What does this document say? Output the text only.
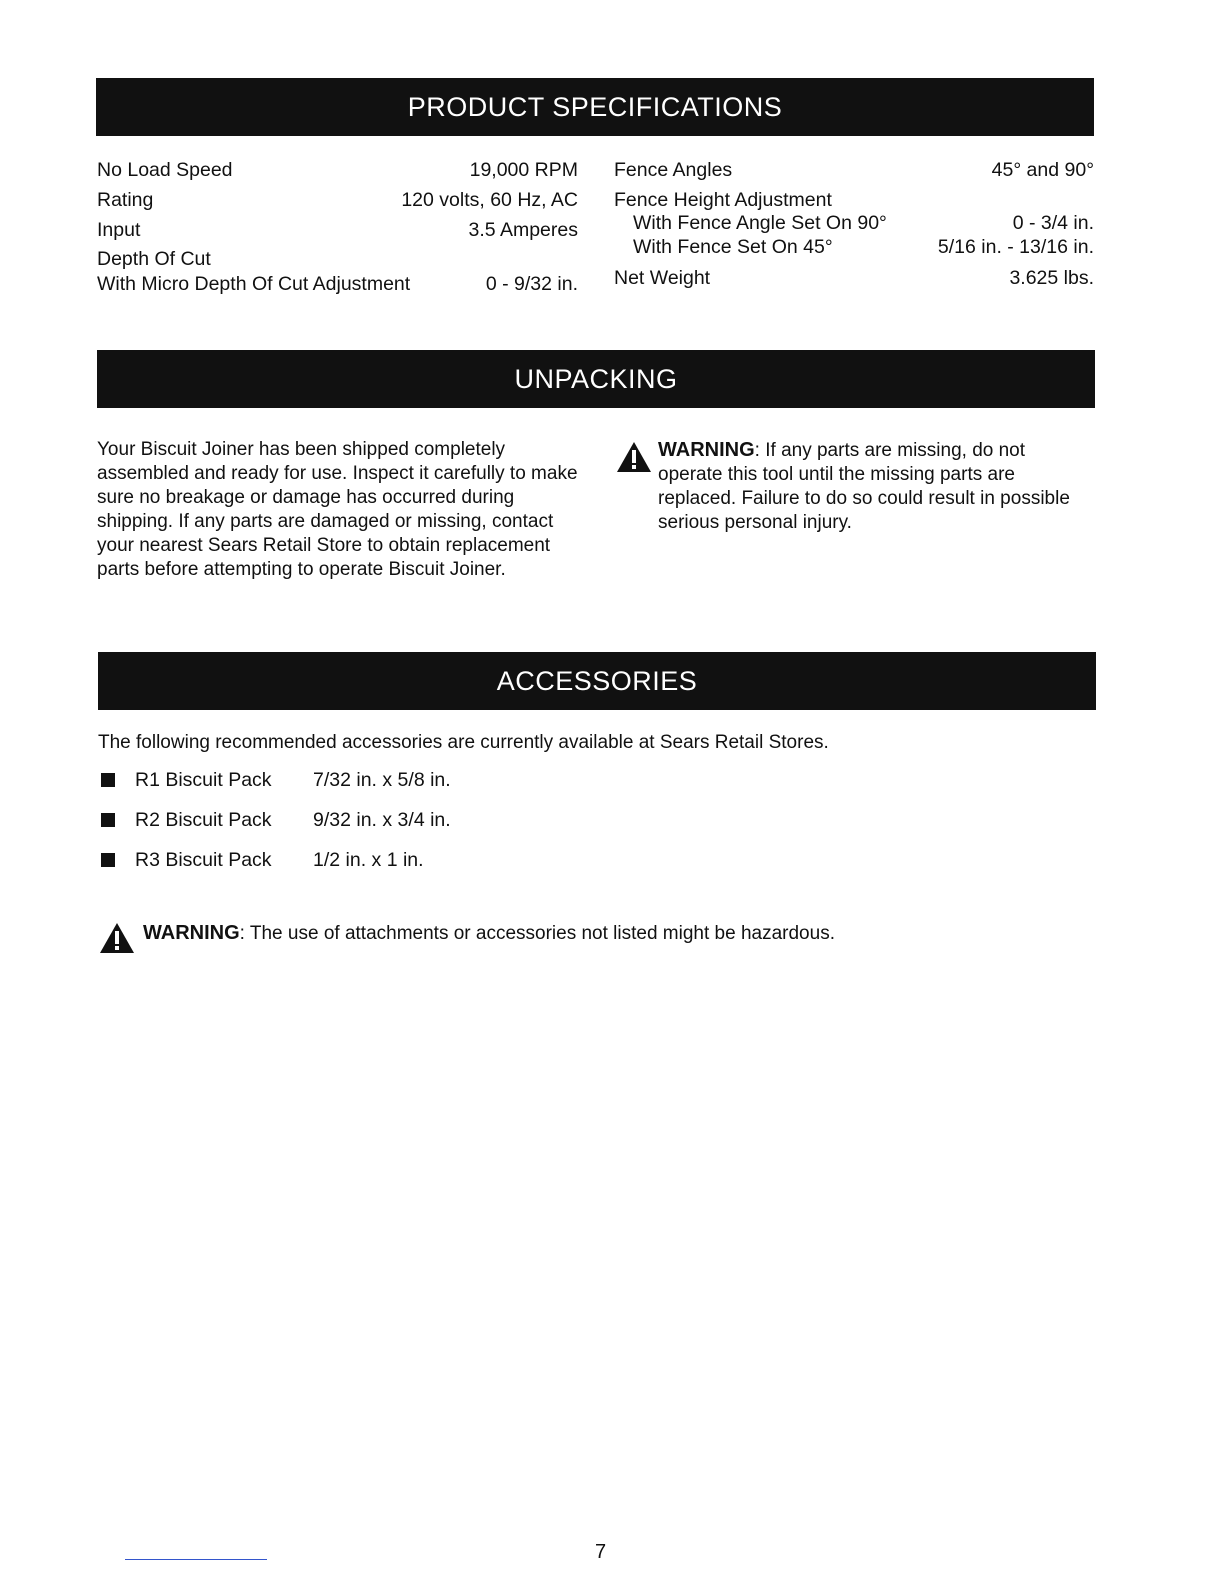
PRODUCT SPECIFICATIONS
No Load Speed	19,000 RPM
Rating	120 volts, 60 Hz, AC
Input	3.5 Amperes
Depth Of Cut
With Micro Depth Of Cut Adjustment	0 - 9/32 in.
Fence Angles	45° and 90°
Fence Height Adjustment
With Fence Angle Set On 90°	0 - 3/4 in.
With Fence Set On 45°	5/16 in. - 13/16 in.
Net Weight	3.625 lbs.
UNPACKING
Your Biscuit Joiner has been shipped completely assembled and ready for use. Inspect it carefully to make sure no breakage or damage has occurred during shipping. If any parts are damaged or missing, contact your nearest Sears Retail Store to obtain replacement parts before attempting to operate Biscuit Joiner.
WARNING: If any parts are missing, do not operate this tool until the missing parts are replaced. Failure to do so could result in possible serious personal injury.
ACCESSORIES
The following recommended accessories are currently available at Sears Retail Stores.
R1 Biscuit Pack 7/32 in. x 5/8 in.
R2 Biscuit Pack 9/32 in. x 3/4 in.
R3 Biscuit Pack 1/2 in. x 1 in.
WARNING: The use of attachments or accessories not listed might be hazardous.
7
